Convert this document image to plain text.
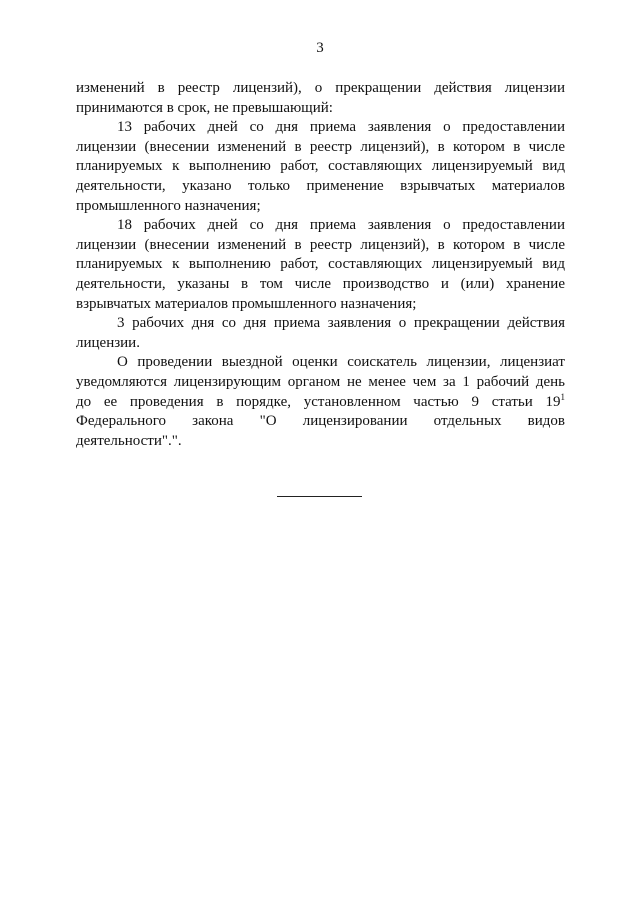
3
изменений в реестр лицензий), о прекращении действия лицензии
принимаются в срок, не превышающий:
13 рабочих дней со дня приема заявления о предоставлении
лицензии (внесении изменений в реестр лицензий), в котором в числе
планируемых к выполнению работ, составляющих лицензируемый вид
деятельности, указано только применение взрывчатых материалов
промышленного назначения;
18 рабочих дней со дня приема заявления о предоставлении
лицензии (внесении изменений в реестр лицензий), в котором в числе
планируемых к выполнению работ, составляющих лицензируемый вид
деятельности, указаны в том числе производство и (или) хранение
взрывчатых материалов промышленного назначения;
3 рабочих дня со дня приема заявления о прекращении действия
лицензии.
О проведении выездной оценки соискатель лицензии, лицензиат
уведомляются лицензирующим органом не менее чем за 1 рабочий день
до ее проведения в порядке, установленном частью 9 статьи $19^1$
Федерального закона "О лицензировании отдельных видов
деятельности".".
